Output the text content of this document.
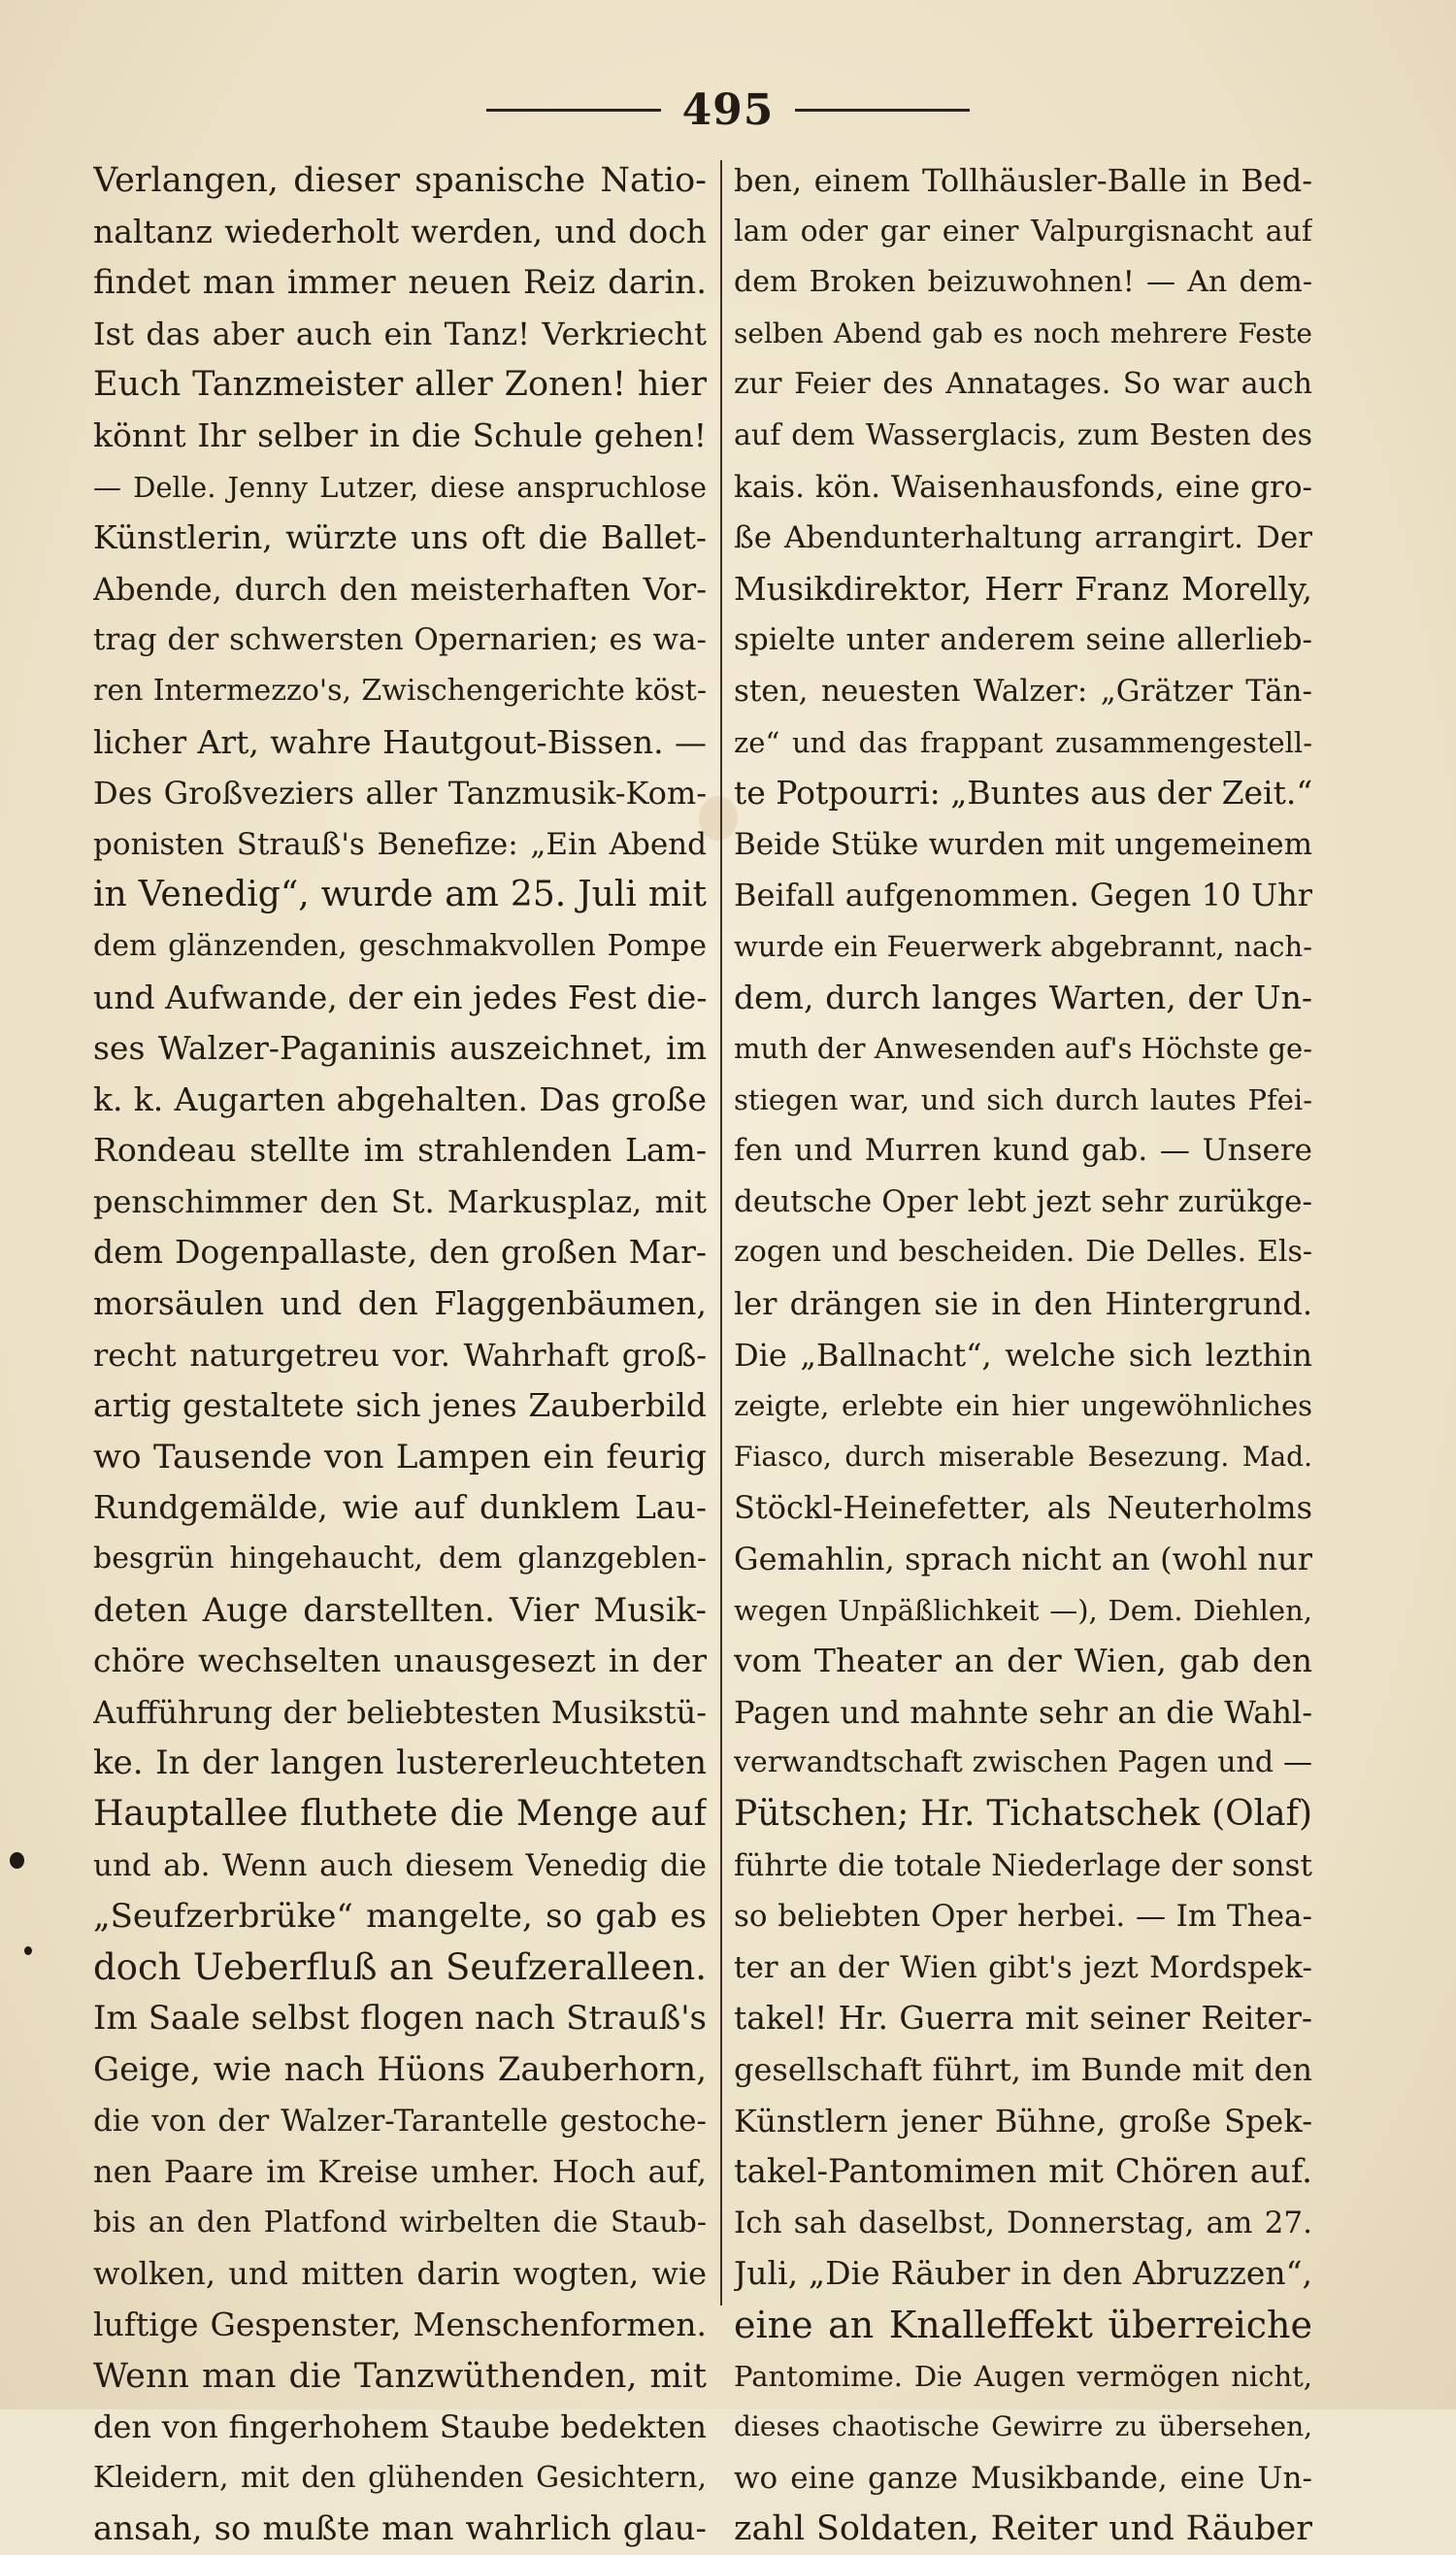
495
Verlangen, dieser spanische Natio-
naltanz wiederholt werden, und doch
findet man immer neuen Reiz darin.
Ist das aber auch ein Tanz! Verkriecht
Euch Tanzmeister aller Zonen! hier
könnt Ihr selber in die Schule gehen!
— Delle. Jenny Lutzer, diese anspruchlose
Künstlerin, würzte uns oft die Ballet-
Abende, durch den meisterhaften Vor-
trag der schwersten Opernarien; es wa-
ren Intermezzo's, Zwischengerichte köst-
licher Art, wahre Hautgout-Bissen. —
Des Großveziers aller Tanzmusik-Kom-
ponisten Strauß's Benefize: „Ein Abend
in Venedig“, wurde am 25. Juli mit
dem glänzenden, geschmakvollen Pompe
und Aufwande, der ein jedes Fest die-
ses Walzer-Paganinis auszeichnet, im
k. k. Augarten abgehalten. Das große
Rondeau stellte im strahlenden Lam-
penschimmer den St. Markusplaz, mit
dem Dogenpallaste, den großen Mar-
morsäulen und den Flaggenbäumen,
recht naturgetreu vor. Wahrhaft groß-
artig gestaltete sich jenes Zauberbild
wo Tausende von Lampen ein feurig
Rundgemälde, wie auf dunklem Lau-
besgrün hingehaucht, dem glanzgeblen-
deten Auge darstellten. Vier Musik-
chöre wechselten unausgesezt in der
Aufführung der beliebtesten Musikstü-
ke. In der langen lustererleuchteten
Hauptallee fluthete die Menge auf
und ab. Wenn auch diesem Venedig die
„Seufzerbrüke“ mangelte, so gab es
doch Ueberfluß an Seufzeralleen.
Im Saale selbst flogen nach Strauß's
Geige, wie nach Hüons Zauberhorn,
die von der Walzer-Tarantelle gestoche-
nen Paare im Kreise umher. Hoch auf,
bis an den Platfond wirbelten die Staub-
wolken, und mitten darin wogten, wie
luftige Gespenster, Menschenformen.
Wenn man die Tanzwüthenden, mit
den von fingerhohem Staube bedekten
Kleidern, mit den glühenden Gesichtern,
ansah, so mußte man wahrlich glau-
ben, einem Tollhäusler-Balle in Bed-
lam oder gar einer Valpurgisnacht auf
dem Broken beizuwohnen! — An dem-
selben Abend gab es noch mehrere Feste
zur Feier des Annatages. So war auch
auf dem Wasserglacis, zum Besten des
kais. kön. Waisenhausfonds, eine gro-
ße Abendunterhaltung arrangirt. Der
Musikdirektor, Herr Franz Morelly,
spielte unter anderem seine allerlieb-
sten, neuesten Walzer: „Grätzer Tän-
ze“ und das frappant zusammengestell-
te Potpourri: „Buntes aus der Zeit.“
Beide Stüke wurden mit ungemeinem
Beifall aufgenommen. Gegen 10 Uhr
wurde ein Feuerwerk abgebrannt, nach-
dem, durch langes Warten, der Un-
muth der Anwesenden auf's Höchste ge-
stiegen war, und sich durch lautes Pfei-
fen und Murren kund gab. — Unsere
deutsche Oper lebt jezt sehr zurükge-
zogen und bescheiden. Die Delles. Els-
ler drängen sie in den Hintergrund.
Die „Ballnacht“, welche sich lezthin
zeigte, erlebte ein hier ungewöhnliches
Fiasco, durch miserable Besezung. Mad.
Stöckl-Heinefetter, als Neuterholms
Gemahlin, sprach nicht an (wohl nur
wegen Unpäßlichkeit —), Dem. Diehlen,
vom Theater an der Wien, gab den
Pagen und mahnte sehr an die Wahl-
verwandtschaft zwischen Pagen und —
Pütschen; Hr. Tichatschek (Olaf)
führte die totale Niederlage der sonst
so beliebten Oper herbei. — Im Thea-
ter an der Wien gibt's jezt Mordspek-
takel! Hr. Guerra mit seiner Reiter-
gesellschaft führt, im Bunde mit den
Künstlern jener Bühne, große Spek-
takel-Pantomimen mit Chören auf.
Ich sah daselbst, Donnerstag, am 27.
Juli, „Die Räuber in den Abruzzen“,
eine an Knalleffekt überreiche
Pantomime. Die Augen vermögen nicht,
dieses chaotische Gewirre zu übersehen,
wo eine ganze Musikbande, eine Un-
zahl Soldaten, Reiter und Räuber
